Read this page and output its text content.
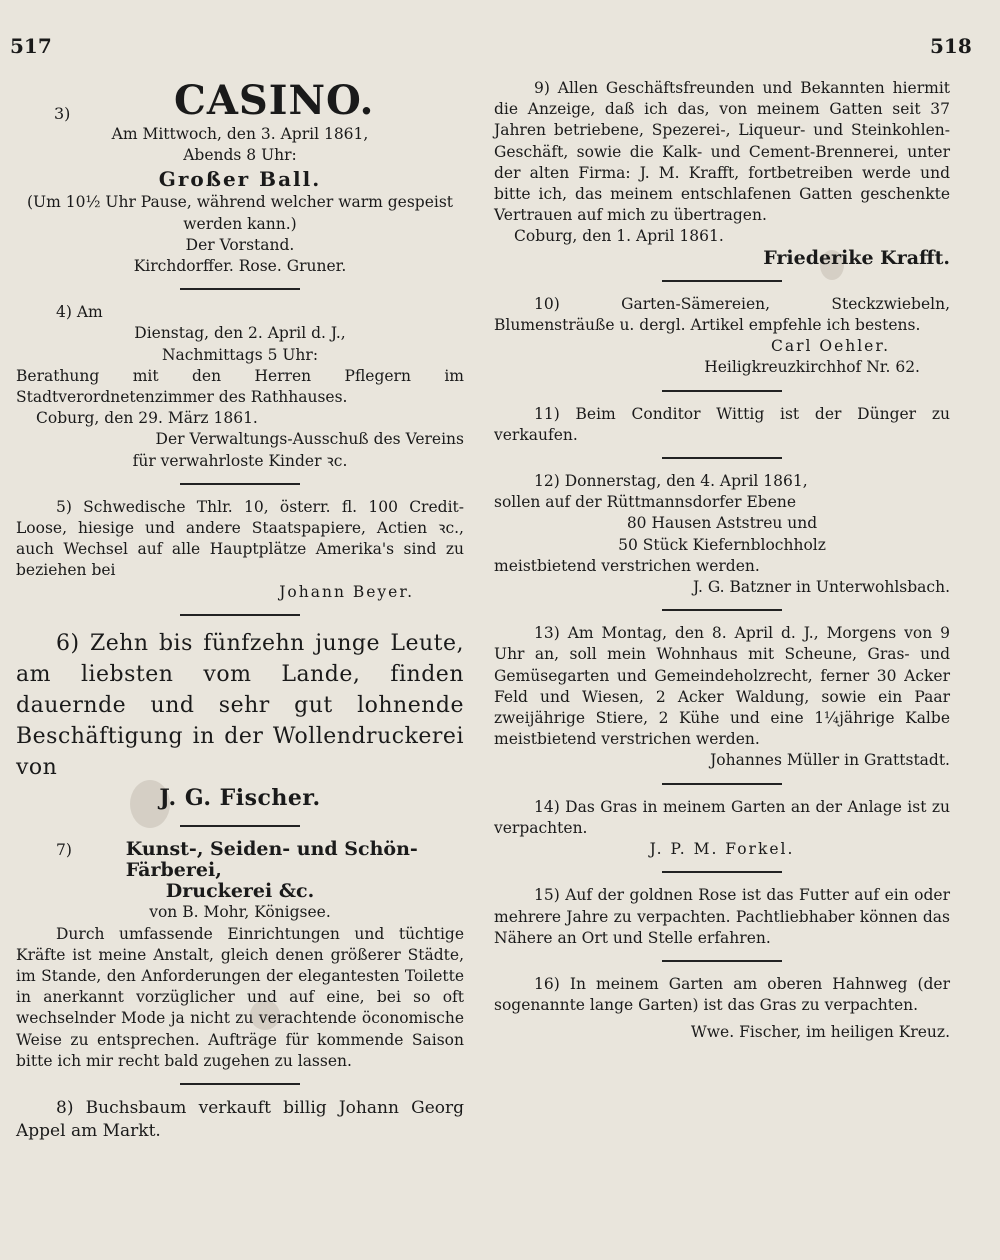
517	518
3)	CASINO.
Am Mittwoch, den 3. April 1861,
Abends 8 Uhr:
Großer Ball.
(Um 10½ Uhr Pause, während welcher warm gespeist werden kann.)
Der Vorstand.
Kirchdorffer. Rose. Gruner.
4) Am
Dienstag, den 2. April d. J.,
Nachmittags 5 Uhr:
Berathung mit den Herren Pflegern im Stadtverordnetenzimmer des Rathhauses.
Coburg, den 29. März 1861.
Der Verwaltungs-Ausschuß des Vereins
für verwahrloste Kinder ꝛc.
5) Schwedische Thlr. 10, österr. fl. 100 Credit-Loose, hiesige und andere Staatspapiere, Actien ꝛc., auch Wechsel auf alle Hauptplätze Amerika's sind zu beziehen bei
Johann Beyer.
6) Zehn bis fünfzehn junge Leute, am liebsten vom Lande, finden dauernde und sehr gut lohnende Beschäftigung in der Wollendruckerei von
J. G. Fischer.
7)	Kunst-, Seiden- und Schön-Färberei,
Druckerei &c.
von B. Mohr, Königsee.
Durch umfassende Einrichtungen und tüchtige Kräfte ist meine Anstalt, gleich denen größerer Städte, im Stande, den Anforderungen der elegantesten Toilette in anerkannt vorzüglicher und auf eine, bei so oft wechselnder Mode ja nicht zu verachtende öconomische Weise zu entsprechen. Aufträge für kommende Saison bitte ich mir recht bald zugehen zu lassen.
8) Buchsbaum verkauft billig Johann Georg Appel am Markt.
9) Allen Geschäftsfreunden und Bekannten hiermit die Anzeige, daß ich das, von meinem Gatten seit 37 Jahren betriebene, Spezerei-, Liqueur- und Steinkohlen-Geschäft, sowie die Kalk- und Cement-Brennerei, unter der alten Firma: J. M. Krafft, fortbetreiben werde und bitte ich, das meinem entschlafenen Gatten geschenkte Vertrauen auf mich zu übertragen.
Coburg, den 1. April 1861.
Friederike Krafft.
10) Garten-Sämereien, Steckzwiebeln, Blumensträuße u. dergl. Artikel empfehle ich bestens.
Carl Oehler.
Heiligkreuzkirchhof Nr. 62.
11) Beim Conditor Wittig ist der Dünger zu verkaufen.
12) Donnerstag, den 4. April 1861,
sollen auf der Rüttmannsdorfer Ebene
80 Hausen Aststreu und
50 Stück Kiefernblochholz
meistbietend verstrichen werden.
J. G. Batzner in Unterwohlsbach.
13) Am Montag, den 8. April d. J., Morgens von 9 Uhr an, soll mein Wohnhaus mit Scheune, Gras- und Gemüsegarten und Gemeindeholzrecht, ferner 30 Acker Feld und Wiesen, 2 Acker Waldung, sowie ein Paar zweijährige Stiere, 2 Kühe und eine 1¼jährige Kalbe meistbietend verstrichen werden.
Johannes Müller in Grattstadt.
14) Das Gras in meinem Garten an der Anlage ist zu verpachten.
J. P. M. Forkel.
15) Auf der goldnen Rose ist das Futter auf ein oder mehrere Jahre zu verpachten. Pachtliebhaber können das Nähere an Ort und Stelle erfahren.
16) In meinem Garten am oberen Hahnweg (der sogenannte lange Garten) ist das Gras zu verpachten.
Wwe. Fischer, im heiligen Kreuz.
